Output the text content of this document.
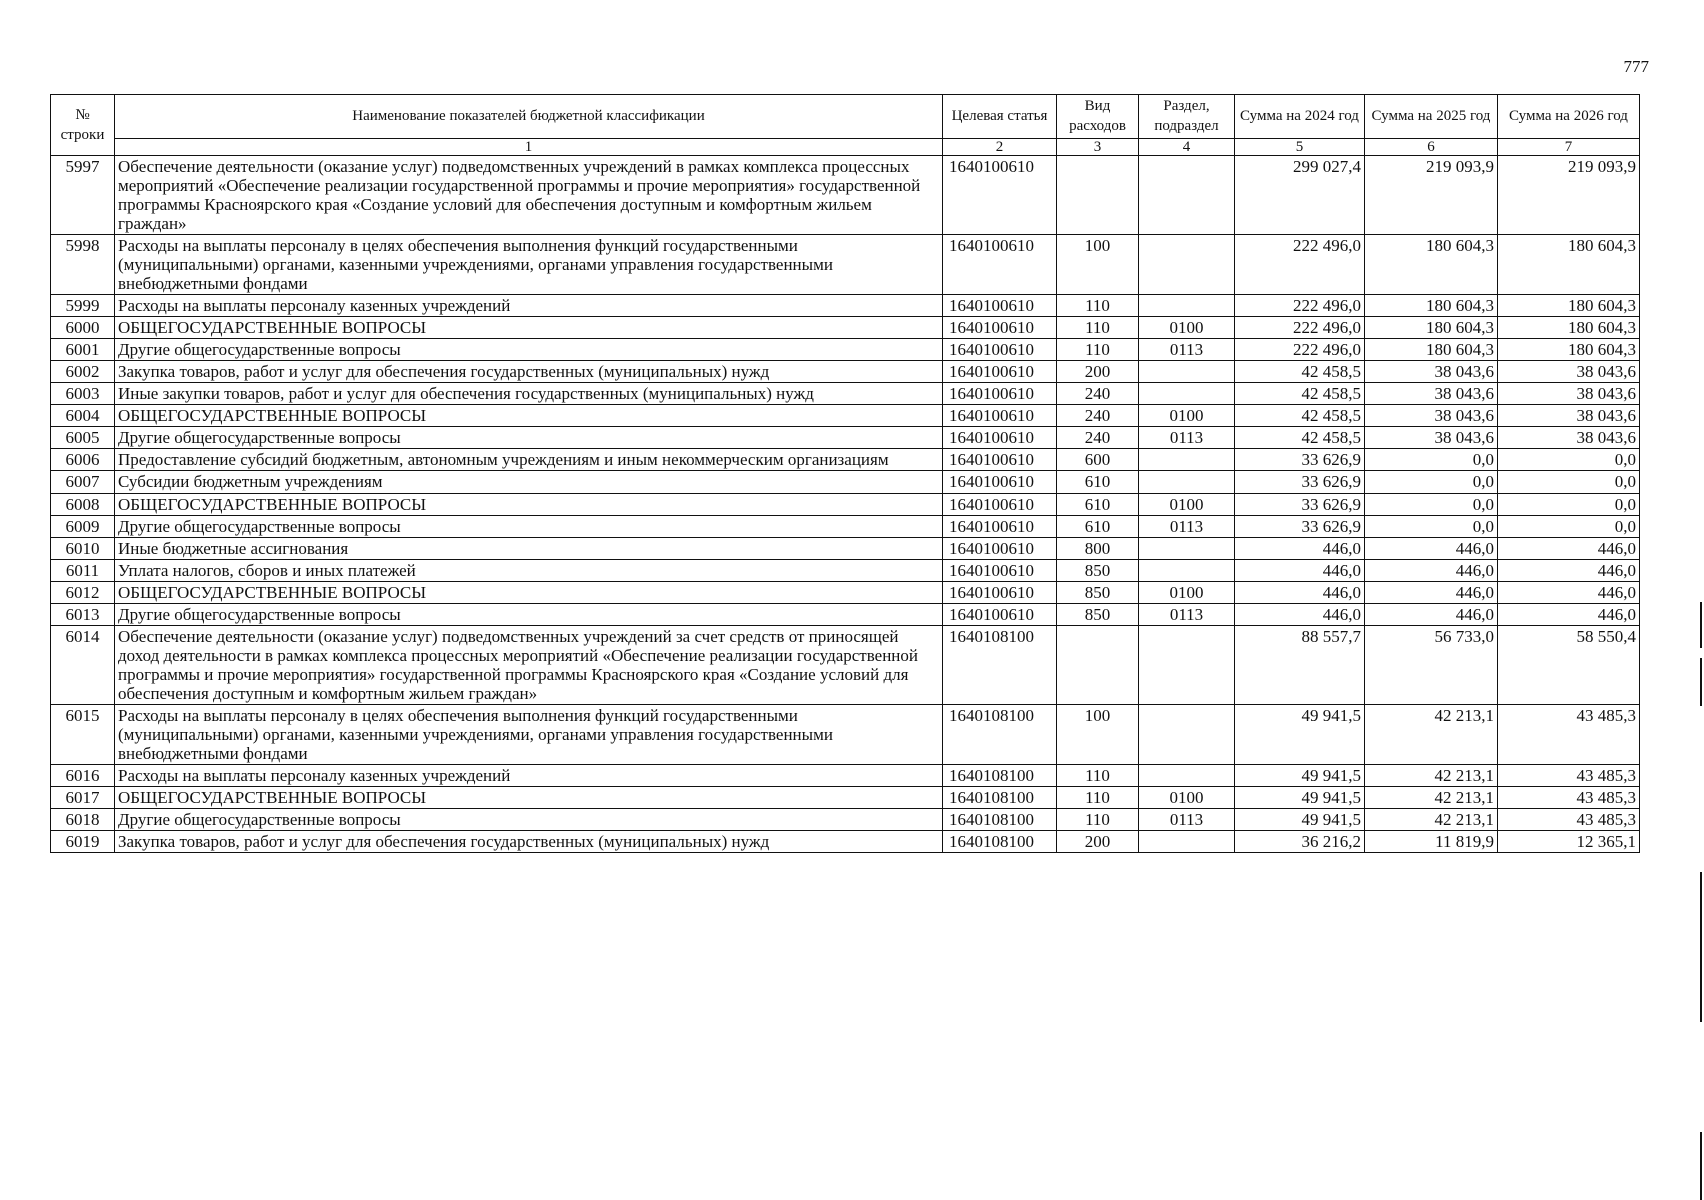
777
№ строки	Наименование показателей бюджетной классификации	Целевая статья	Вид расходов	Раздел, подраздел	Сумма на 2024 год	Сумма на 2025 год	Сумма на 2026 год
	1	2	3	4	5	6	7
5997	Обеспечение деятельности (оказание услуг) подведомственных учреждений в рамках комплекса процессных мероприятий «Обеспечение реализации государственной программы и прочие мероприятия» государственной программы Красноярского края «Создание условий для обеспечения доступным и комфортным жильем граждан»	1640100610			299 027,4	219 093,9	219 093,9
5998	Расходы на выплаты персоналу в целях обеспечения выполнения функций государственными (муниципальными) органами, казенными учреждениями, органами управления государственными внебюджетными фондами	1640100610	100		222 496,0	180 604,3	180 604,3
5999	Расходы на выплаты персоналу казенных учреждений	1640100610	110		222 496,0	180 604,3	180 604,3
6000	ОБЩЕГОСУДАРСТВЕННЫЕ ВОПРОСЫ	1640100610	110	0100	222 496,0	180 604,3	180 604,3
6001	Другие общегосударственные вопросы	1640100610	110	0113	222 496,0	180 604,3	180 604,3
6002	Закупка товаров, работ и услуг для обеспечения государственных (муниципальных) нужд	1640100610	200		42 458,5	38 043,6	38 043,6
6003	Иные закупки товаров, работ и услуг для обеспечения государственных (муниципальных) нужд	1640100610	240		42 458,5	38 043,6	38 043,6
6004	ОБЩЕГОСУДАРСТВЕННЫЕ ВОПРОСЫ	1640100610	240	0100	42 458,5	38 043,6	38 043,6
6005	Другие общегосударственные вопросы	1640100610	240	0113	42 458,5	38 043,6	38 043,6
6006	Предоставление субсидий бюджетным, автономным учреждениям и иным некоммерческим организациям	1640100610	600		33 626,9	0,0	0,0
6007	Субсидии бюджетным учреждениям	1640100610	610		33 626,9	0,0	0,0
6008	ОБЩЕГОСУДАРСТВЕННЫЕ ВОПРОСЫ	1640100610	610	0100	33 626,9	0,0	0,0
6009	Другие общегосударственные вопросы	1640100610	610	0113	33 626,9	0,0	0,0
6010	Иные бюджетные ассигнования	1640100610	800		446,0	446,0	446,0
6011	Уплата налогов, сборов и иных платежей	1640100610	850		446,0	446,0	446,0
6012	ОБЩЕГОСУДАРСТВЕННЫЕ ВОПРОСЫ	1640100610	850	0100	446,0	446,0	446,0
6013	Другие общегосударственные вопросы	1640100610	850	0113	446,0	446,0	446,0
6014	Обеспечение деятельности (оказание услуг) подведомственных учреждений за счет средств от приносящей доход деятельности в рамках комплекса процессных мероприятий «Обеспечение реализации государственной программы и прочие мероприятия» государственной программы Красноярского края «Создание условий для обеспечения доступным и комфортным жильем граждан»	1640108100			88 557,7	56 733,0	58 550,4
6015	Расходы на выплаты персоналу в целях обеспечения выполнения функций государственными (муниципальными) органами, казенными учреждениями, органами управления государственными внебюджетными фондами	1640108100	100		49 941,5	42 213,1	43 485,3
6016	Расходы на выплаты персоналу казенных учреждений	1640108100	110		49 941,5	42 213,1	43 485,3
6017	ОБЩЕГОСУДАРСТВЕННЫЕ ВОПРОСЫ	1640108100	110	0100	49 941,5	42 213,1	43 485,3
6018	Другие общегосударственные вопросы	1640108100	110	0113	49 941,5	42 213,1	43 485,3
6019	Закупка товаров, работ и услуг для обеспечения государственных (муниципальных) нужд	1640108100	200		36 216,2	11 819,9	12 365,1
